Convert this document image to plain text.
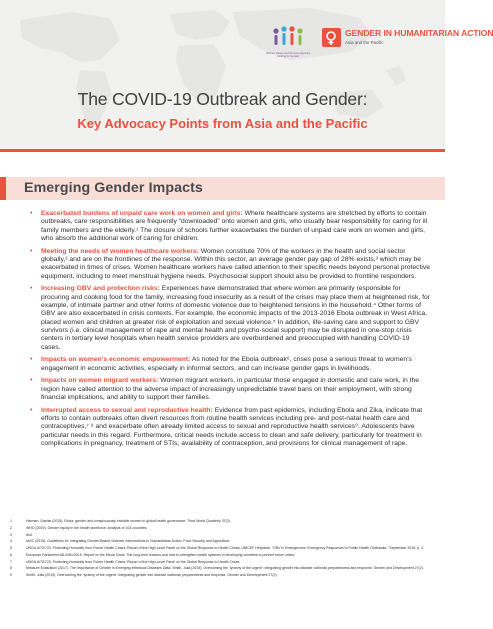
Women, Peace and Security Agencies working for Gender
GENDER IN HUMANITARIAN ACTION
Asia and the Pacific
The COVID-19 Outbreak and Gender:
Key Advocacy Points from Asia and the Pacific
Emerging Gender Impacts
• Exacerbated burdens of unpaid care work on women and girls: Where healthcare systems are stretched by efforts to contain outbreaks, care responsibilities are frequently “downloaded” onto women and girls, who usually bear responsibility for caring for ill family members and the elderly.¹ The closure of schools further exacerbates the burden of unpaid care work on women and girls, who absorb the additional work of caring for children.
• Meeting the needs of women healthcare workers: Women constitute 70% of the workers in the health and social sector globally,² and are on the frontlines of the response. Within this sector, an average gender pay gap of 28% exists,³ which may be exacerbated in times of crises. Women healthcare workers have called attention to their specific needs beyond personal protective equipment, including to meet menstrual hygiene needs. Psychosocial support should also be provided to frontline responders.
• Increasing GBV and protection risks: Experiences have demonstrated that where women are primarily responsible for procuring and cooking food for the family, increasing food insecurity as a result of the crises may place them at heightened risk, for example, of intimate partner and other forms of domestic violence due to heightened tensions in the household.⁴ Other forms of GBV are also exacerbated in crisis contexts. For example, the economic impacts of the 2013-2016 Ebola outbreak in West Africa, placed women and children at greater risk of exploitation and sexual violence.⁵ In addition, life-saving care and support to GBV survivors (i.e. clinical management of rape and mental health and psycho-social support) may be disrupted in one-stop crisis centers in tertiary level hospitals when health service providers are overburdened and preoccupied with handling COVID-19 cases.
• Impacts on women’s economic empowerment: As noted for the Ebola outbreak⁶, crises pose a serious threat to women’s engagement in economic activities, especially in informal sectors, and can increase gender gaps in livelihoods.
• Impacts on women migrant workers: Women migrant workers, in particular those engaged in domestic and care work, in the region have called attention to the adverse impact of increasingly unpredictable travel bans on their employment, with strong financial implications, and ability to support their families.
• Interrupted access to sexual and reproductive health: Evidence from past epidemics, including Ebola and Zika, indicate that efforts to contain outbreaks often divert resources from routine health services including pre- and post-natal health care and contraceptives,⁷ ⁸ and exacerbate often already limited access to sexual and reproductive health services⁹. Adolescents have particular needs in this regard. Furthermore, critical needs include access to clean and safe delivery, particularly for treatment in complications in pregnancy, treatment of STIs, availability of contraception, and provisions for clinical management of rape.
1	Harman, Sophie (2015). Ebola, gender and conspicuously invisible women in global health governance. Third World Quarterly 37(3).
2	WHO (2019). Gender equity in the health workforce: Analysis of 104 countries.
3	Ibid.
4	IASC (2015). Guidelines for Integrating Gender-Based Violence Interventions in Humanitarian Action: Food Security and Agriculture.
5	UNGA A/70/723. Protecting Humanity from Future Health Crises: Report of the High-Level Panel on the Global Response to Health Crises; UNICEF Helpdesk, “GBV in Emergencies: Emergency Responses to Public Health Outbreaks,” September 2016, p. 2.
6	European Parliament A8-0281/2015. Report on the Ebola Crisis: The long-term lessons and how to strengthen health systems in developing countries to prevent future crises.
7	UNGA A/70/723. Protecting Humanity from Future Health Crises: Report of the High-Level Panel on the Global Response to Health Crises.
8	Measure Evaluation (2017). The Importance of Gender in Emerging Infectious Diseases Data. Smith, Julia (2019). Overcoming the ‘tyranny of the urgent’: integrating gender into disease outbreak preparedness and response, Gender and Development 27(2).
9	Smith, Julia (2019). Overcoming the ‘tyranny of the urgent’: integrating gender into disease outbreak preparedness and response, Gender and Development 27(2).
